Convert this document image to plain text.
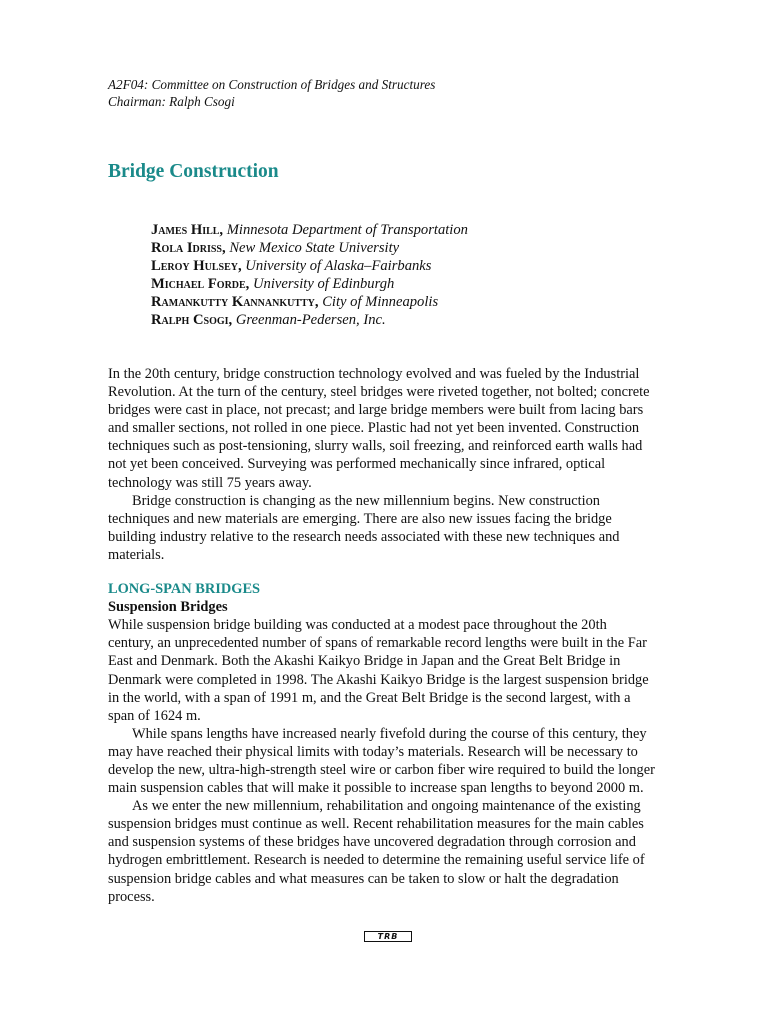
A2F04: Committee on Construction of Bridges and Structures
Chairman: Ralph Csogi
Bridge Construction
James Hill, Minnesota Department of Transportation
Rola Idriss, New Mexico State University
Leroy Hulsey, University of Alaska–Fairbanks
Michael Forde, University of Edinburgh
Ramankutty Kannankutty, City of Minneapolis
Ralph Csogi, Greenman-Pedersen, Inc.

In the 20th century, bridge construction technology evolved and was fueled by the Industrial Revolution. At the turn of the century, steel bridges were riveted together, not bolted; concrete bridges were cast in place, not precast; and large bridge members were built from lacing bars and smaller sections, not rolled in one piece. Plastic had not yet been invented. Construction techniques such as post-tensioning, slurry walls, soil freezing, and reinforced earth walls had not yet been conceived. Surveying was performed mechanically since infrared, optical technology was still 75 years away.

Bridge construction is changing as the new millennium begins. New construction techniques and new materials are emerging. There are also new issues facing the bridge building industry relative to the research needs associated with these new techniques and materials.

LONG-SPAN BRIDGES
Suspension Bridges

While suspension bridge building was conducted at a modest pace throughout the 20th century, an unprecedented number of spans of remarkable record lengths were built in the Far East and Denmark. Both the Akashi Kaikyo Bridge in Japan and the Great Belt Bridge in Denmark were completed in 1998. The Akashi Kaikyo Bridge is the largest suspension bridge in the world, with a span of 1991 m, and the Great Belt Bridge is the second largest, with a span of 1624 m.

While spans lengths have increased nearly fivefold during the course of this century, they may have reached their physical limits with today’s materials. Research will be necessary to develop the new, ultra-high-strength steel wire or carbon fiber wire required to build the longer main suspension cables that will make it possible to increase span lengths to beyond 2000 m.

As we enter the new millennium, rehabilitation and ongoing maintenance of the existing suspension bridges must continue as well. Recent rehabilitation measures for the main cables and suspension systems of these bridges have uncovered degradation through corrosion and hydrogen embrittlement. Research is needed to determine the remaining useful service life of suspension bridge cables and what measures can be taken to slow or halt the degradation process.

TRB
